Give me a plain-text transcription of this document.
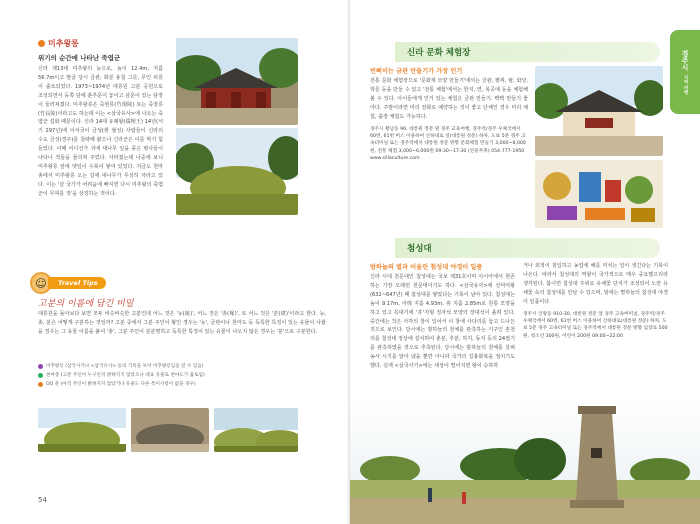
미추왕릉
위기의 순간에 나타난 죽엽군
신라 제13대 미추왕의 능으로, 높이 12.4m, 지름 56.7m이고 발굴 당시 금관, 화분 용칠 그릇, 무인 피릉이 출토되었다. 1973~1974년 대릉원 고분 공원으로 조성되면서 동쪽 담에 춘추문이 놓이고 삼문이 있는 담장이 둘러쳐졌다. 미추왕릉은 죽현릉(竹現陵) 또는 죽장릉(竹長陵)이라고도 하는데 이는 <삼국유사>에 나오는 죽엽군 설화 때문이다. 신라 14대 유례왕(儒理王) 14년(서기 297년)에 이서국이 금성(현 월성) 사람들이 신라의 수도 금성(경주)를 침략해 왔으나 신라군은 이를 막기 힘들었다. 이때 어디선가 귀에 대나무 잎을 꽂은 병사들이 나타나 적들을 물리쳐 주었다. 사라졌는데 나중에 보니 미추왕릉 앞에 댓잎이 수북이 쌓여 있었다. 지금도 천마총에서 미추왕릉 오는 길에 대나무가 무성히 자라고 있다. 이는 '살 국가가 어려움에 빠지면 다시 미추왕의 죽엽군이 무찌를 것'을 상징하는 것이다.
☺	Travel Tips
고분의 이름에 담긴 비밀
대릉원을 돌아보다 보면 모두 비슷비슷한 고분인데 어느 것은 '능(陵)', 어느 것은 '총(塚)', 또 어느 것은 '분(墳)'이라고 한다. 능, 총, 분은 어떻게 구분하는 것일까? 고분 중에서 그분 주인이 왕인 경우는 '능', 금관이나 천마도 등 독특한 특징이 있는 유물이 나왔을 경우는 그 유물 이름을 붙여 '총', 그분 주인이 분분명하고 독특한 특징이 있는 유물이 나오지 않은 경우는 '분'으로 구분한다.
미추왕릉 (삼국사기나 <삼국유사> 등의 기록을 보아 미추왕릉임을 알 수 있음)
천마총 (고분 주인이 누구인지 밝혀지지 않았으나 대표 유물로 천마도가 출토됨)
OO 분 (아직 주인이 밝혀지지 않았거나 유물도 다른 특이사항이 없을 경우)
54
경주시
지역 여행
신라 문화 체험장
빈삐이는 금관 만들기가 가장 인기
전통 문화 체험장으로 '문화재 모양 만들기'에서는 금관, 팔찌, 탈, 와당, 학문 등을 만들 수 있고 '전통 체험'에서는 한지, 연, 목공에 등을 체험해 볼 수 있다. 아이들에게 인기 있는 체험은 금관 만들기. 빡빡 만들기 좋아다. 주말이라면 미리 전화로 예약하는 것이 좋고 단체인 경우 미리 체험, 출장 체험도 가능하다.
경주시 황남동 96. 대릉원 정문 옆 경주 교육여행, 경주역/경주 우체국에서 60번, 61번 버스 이용하여 산하대로 일(대릉원 정문) 하차, 도보 5분 경주 고속터미널 또는 경주역에서 대릉원 정문 방향 문화체험 만들기 3,000~8,000원, 전통 체험 3,000~6,000원 09:30~17:30 (연중무휴) 054-777-1950 www.sillaculture.com
첨성대
밤하늘의 별과 어울린 첨성대 야경이 일품
신라 시대 천문대인 첨성대는 국보 제31호이며 아시아에서 현존하는 가장 오래된 천문대이기도 하다. <삼국유사>에 선덕여왕(632~647년) 때 첨성대를 쌓았다는 기록이 남아 있다. 첨성대는 높이 9.17m, 아래 지름 4.93m, 위 지름 2.85m로 원통 모양을 하고 있고 꼭대기에 '井'자형 정자석 모양의 장대석이 올려 있다. 중간에는 작은 사각의 창이 있어서 이 창에 사다리를 놓고 드나든 것으로 보인다. 당시에는 밤하늘의 천체를 관측하는 기구인 혼천의를 첨성대 정상에 설치하여 춘분, 추분, 하지, 동지 등의 24절기를 관측하였을 것으로 추측된다. 당시에는 밤하늘의 천체를 살펴 농사 시기를 알아 냈을 뿐만 아니라 국가의 길흉화복을 점치기도 했다. 실제 <삼국사기>에는 세상이 떨어지면 왕이 승하하
거나 외적이 침입하고 농업에 해를 미치는 일이 생긴다는 기록이 나온다. 따라서 첨성대의 역할이 국가적으로 매우 중요했으리라 생각된다. 봄이면 첨성대 주위로 유채꽃 단지가 조성되어 노란 유채꽃 속의 첨성대를 만날 수 있으며, 밤에는 별하늘의 첨성대 야경이 일품이다.
경주시 인왕동 910-30, 대릉원 정문 앞 경주 고속버미널, 경주역/경주 우체국에서 60번, 61번 버스 이용하여 산하대로(대릉원 정문) 하차, 도보 5분 경주 고속터미널 또는 경주역에서 대릉원 정문 방향 입장료 500원, 청소년 300원, 어린이 200원 09:00~22:00
